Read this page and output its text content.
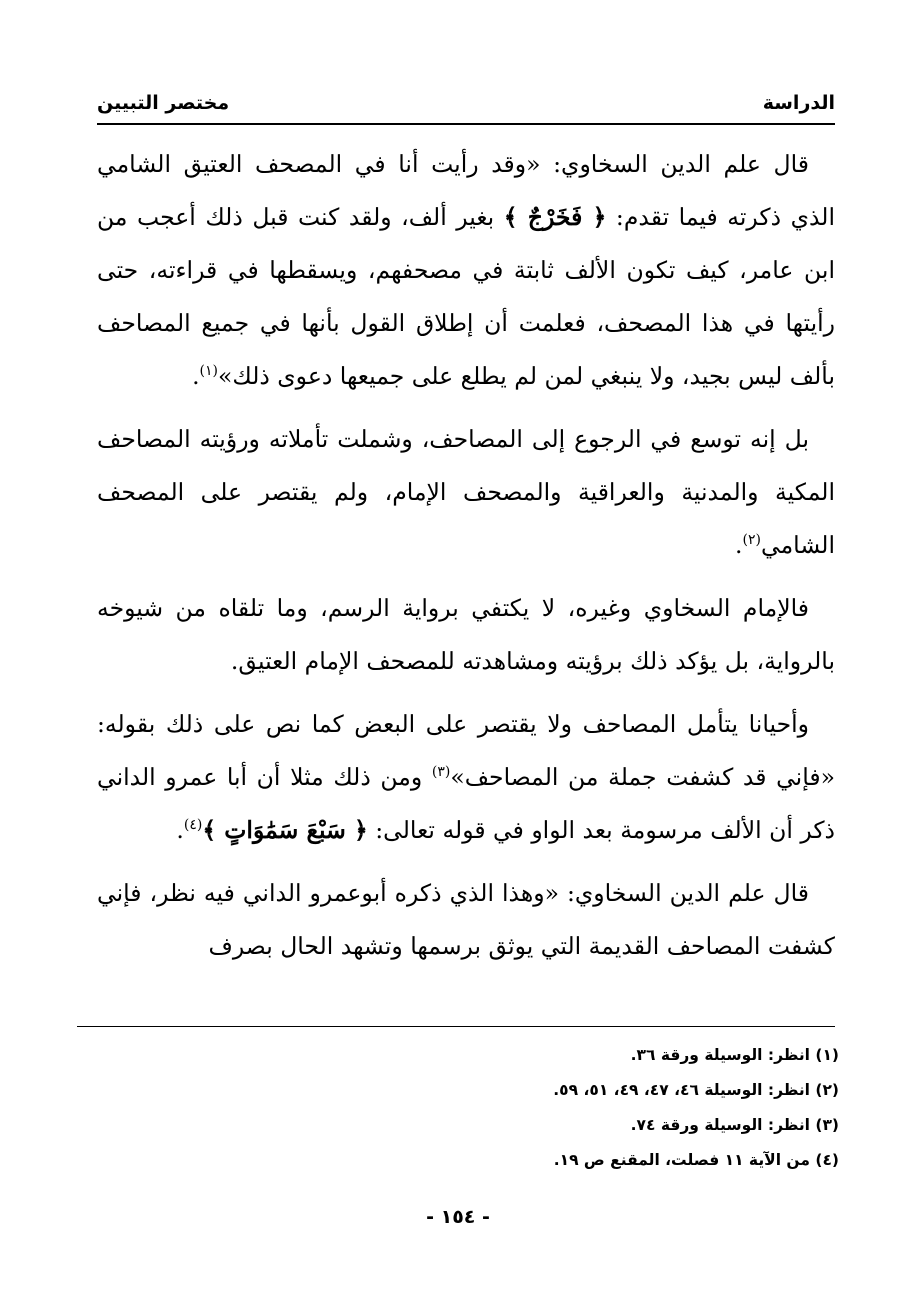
الدراسة
مختصر التبيين

قال علم الدين السخاوي: «وقد رأيت أنا في المصحف العتيق الشامي الذي ذكرته فيما تقدم: ﴿ فَخَرْجٌ ﴾ بغير ألف، ولقد كنت قبل ذلك أعجب من ابن عامر، كيف تكون الألف ثابتة في مصحفهم، ويسقطها في قراءته، حتى رأيتها في هذا المصحف، فعلمت أن إطلاق القول بأنها في جميع المصاحف بألف ليس بجيد، ولا ينبغي لمن لم يطلع على جميعها دعوى ذلك»$^{(١)}$.

بل إنه توسع في الرجوع إلى المصاحف، وشملت تأملاته ورؤيته المصاحف المكية والمدنية والعراقية والمصحف الإمام، ولم يقتصر على المصحف الشامي$^{(٢)}$.

فالإمام السخاوي وغيره، لا يكتفي برواية الرسم، وما تلقاه من شيوخه بالرواية، بل يؤكد ذلك برؤيته ومشاهدته للمصحف الإمام العتيق.

وأحيانا يتأمل المصاحف ولا يقتصر على البعض كما نص على ذلك بقوله: «فإني قد كشفت جملة من المصاحف»$^{(٣)}$ ومن ذلك مثلا أن أبا عمرو الداني ذكر أن الألف مرسومة بعد الواو في قوله تعالى: ﴿ سَبْعَ سَمَٰوَاتٍ ﴾$^{(٤)}$.

قال علم الدين السخاوي: «وهذا الذي ذكره أبوعمرو الداني فيه نظر، فإني كشفت المصاحف القديمة التي يوثق برسمها وتشهد الحال بصرف

(١) انظر: الوسيلة ورقة ٣٦.
(٢) انظر: الوسيلة ٤٦، ٤٧، ٤٩، ٥١، ٥٩.
(٣) انظر: الوسيلة ورقة ٧٤.
(٤) من الآية ١١ فصلت، المقنع ص ١٩.
- ١٥٤ -
